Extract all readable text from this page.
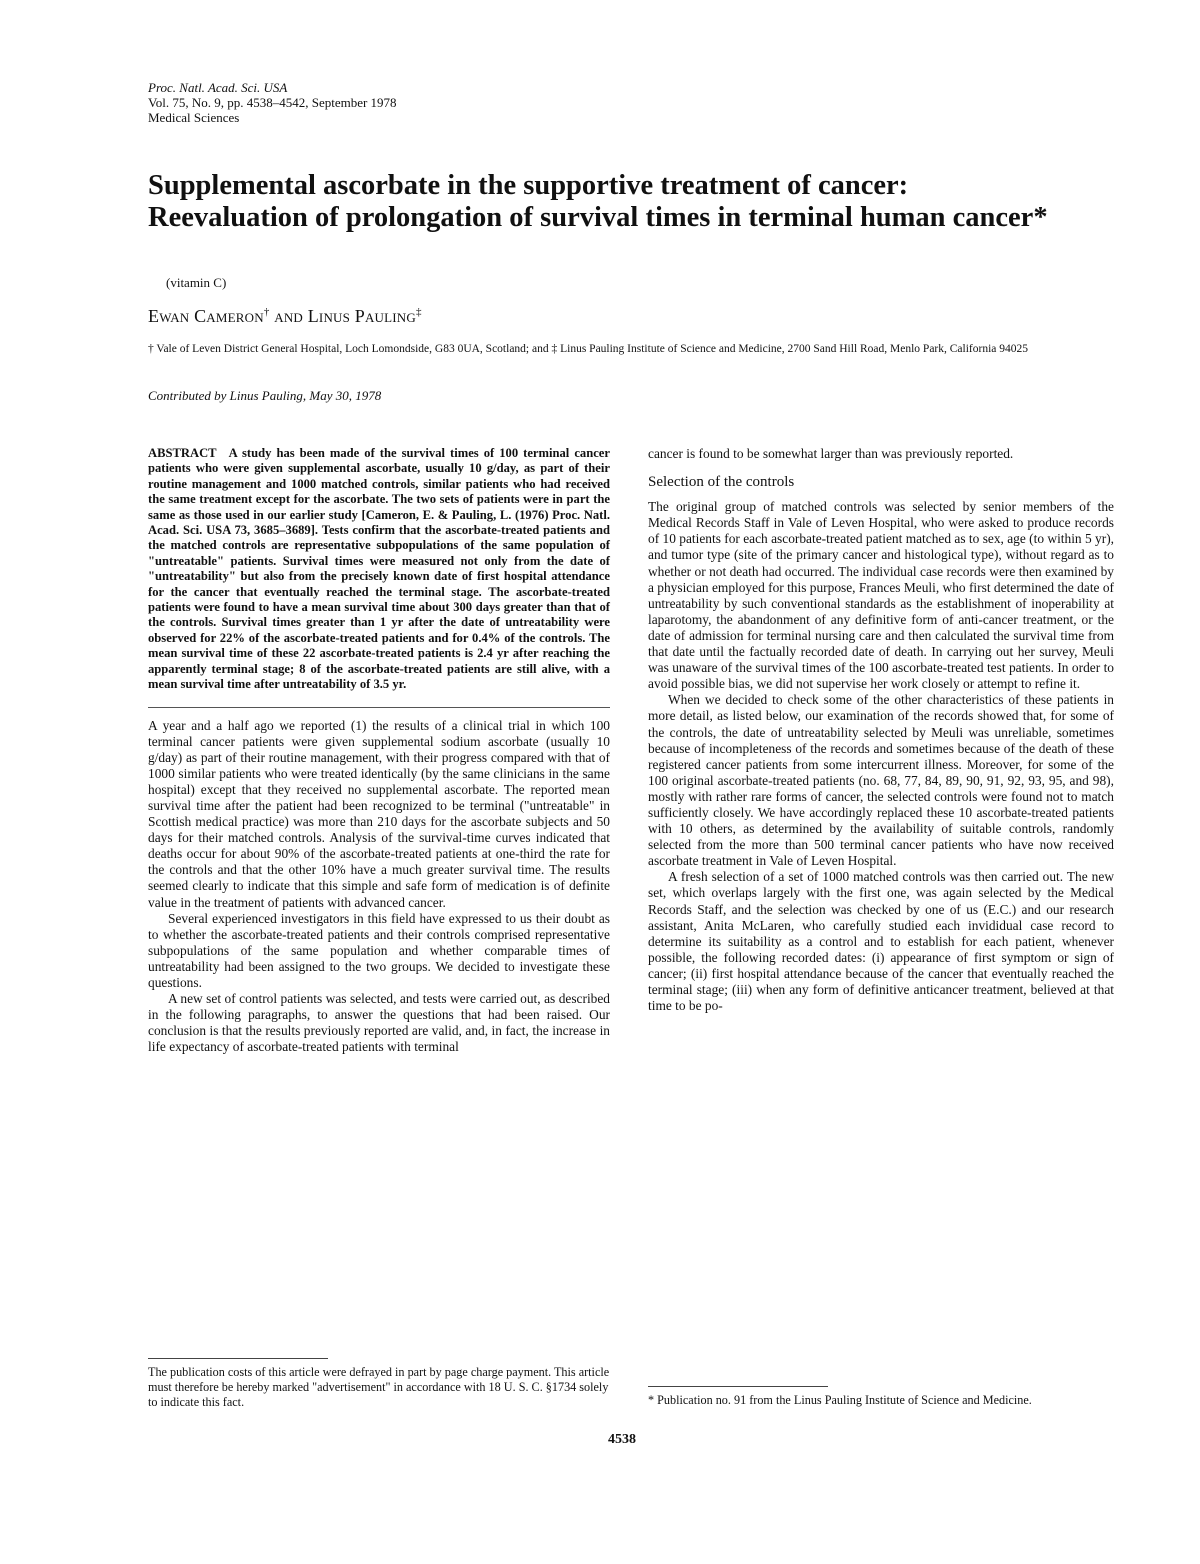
Proc. Natl. Acad. Sci. USA
Vol. 75, No. 9, pp. 4538–4542, September 1978
Medical Sciences
Supplemental ascorbate in the supportive treatment of cancer: Reevaluation of prolongation of survival times in terminal human cancer*
(vitamin C)
Ewan Cameron† and Linus Pauling‡
† Vale of Leven District General Hospital, Loch Lomondside, G83 0UA, Scotland; and ‡ Linus Pauling Institute of Science and Medicine, 2700 Sand Hill Road, Menlo Park, California 94025
Contributed by Linus Pauling, May 30, 1978

ABSTRACT A study has been made of the survival times of 100 terminal cancer patients who were given supplemental ascorbate, usually 10 g/day, as part of their routine management and 1000 matched controls, similar patients who had received the same treatment except for the ascorbate. The two sets of patients were in part the same as those used in our earlier study [Cameron, E. & Pauling, L. (1976) Proc. Natl. Acad. Sci. USA 73, 3685–3689]. Tests confirm that the ascorbate-treated patients and the matched controls are representative subpopulations of the same population of "untreatable" patients. Survival times were measured not only from the date of "untreatability" but also from the precisely known date of first hospital attendance for the cancer that eventually reached the terminal stage. The ascorbate-treated patients were found to have a mean survival time about 300 days greater than that of the controls. Survival times greater than 1 yr after the date of untreatability were observed for 22% of the ascorbate-treated patients and for 0.4% of the controls. The mean survival time of these 22 ascorbate-treated patients is 2.4 yr after reaching the apparently terminal stage; 8 of the ascorbate-treated patients are still alive, with a mean survival time after untreatability of 3.5 yr.

A year and a half ago we reported (1) the results of a clinical trial in which 100 terminal cancer patients were given supplemental sodium ascorbate (usually 10 g/day) as part of their routine management, with their progress compared with that of 1000 similar patients who were treated identically (by the same clinicians in the same hospital) except that they received no supplemental ascorbate. The reported mean survival time after the patient had been recognized to be terminal ("untreatable" in Scottish medical practice) was more than 210 days for the ascorbate subjects and 50 days for their matched controls. Analysis of the survival-time curves indicated that deaths occur for about 90% of the ascorbate-treated patients at one-third the rate for the controls and that the other 10% have a much greater survival time. The results seemed clearly to indicate that this simple and safe form of medication is of definite value in the treatment of patients with advanced cancer.

Several experienced investigators in this field have expressed to us their doubt as to whether the ascorbate-treated patients and their controls comprised representative subpopulations of the same population and whether comparable times of untreatability had been assigned to the two groups. We decided to investigate these questions.

A new set of control patients was selected, and tests were carried out, as described in the following paragraphs, to answer the questions that had been raised. Our conclusion is that the results previously reported are valid, and, in fact, the increase in life expectancy of ascorbate-treated patients with terminal

cancer is found to be somewhat larger than was previously reported.

Selection of the controls

The original group of matched controls was selected by senior members of the Medical Records Staff in Vale of Leven Hospital, who were asked to produce records of 10 patients for each ascorbate-treated patient matched as to sex, age (to within 5 yr), and tumor type (site of the primary cancer and histological type), without regard as to whether or not death had occurred. The individual case records were then examined by a physician employed for this purpose, Frances Meuli, who first determined the date of untreatability by such conventional standards as the establishment of inoperability at laparotomy, the abandonment of any definitive form of anti-cancer treatment, or the date of admission for terminal nursing care and then calculated the survival time from that date until the factually recorded date of death. In carrying out her survey, Meuli was unaware of the survival times of the 100 ascorbate-treated test patients. In order to avoid possible bias, we did not supervise her work closely or attempt to refine it.

When we decided to check some of the other characteristics of these patients in more detail, as listed below, our examination of the records showed that, for some of the controls, the date of untreatability selected by Meuli was unreliable, sometimes because of incompleteness of the records and sometimes because of the death of these registered cancer patients from some intercurrent illness. Moreover, for some of the 100 original ascorbate-treated patients (no. 68, 77, 84, 89, 90, 91, 92, 93, 95, and 98), mostly with rather rare forms of cancer, the selected controls were found not to match sufficiently closely. We have accordingly replaced these 10 ascorbate-treated patients with 10 others, as determined by the availability of suitable controls, randomly selected from the more than 500 terminal cancer patients who have now received ascorbate treatment in Vale of Leven Hospital.

A fresh selection of a set of 1000 matched controls was then carried out. The new set, which overlaps largely with the first one, was again selected by the Medical Records Staff, and the selection was checked by one of us (E.C.) and our research assistant, Anita McLaren, who carefully studied each invididual case record to determine its suitability as a control and to establish for each patient, whenever possible, the following recorded dates: (i) appearance of first symptom or sign of cancer; (ii) first hospital attendance because of the cancer that eventually reached the terminal stage; (iii) when any form of definitive anticancer treatment, believed at that time to be po-

The publication costs of this article were defrayed in part by page charge payment. This article must therefore be hereby marked "advertisement" in accordance with 18 U. S. C. §1734 solely to indicate this fact.	* Publication no. 91 from the Linus Pauling Institute of Science and Medicine.
4538
